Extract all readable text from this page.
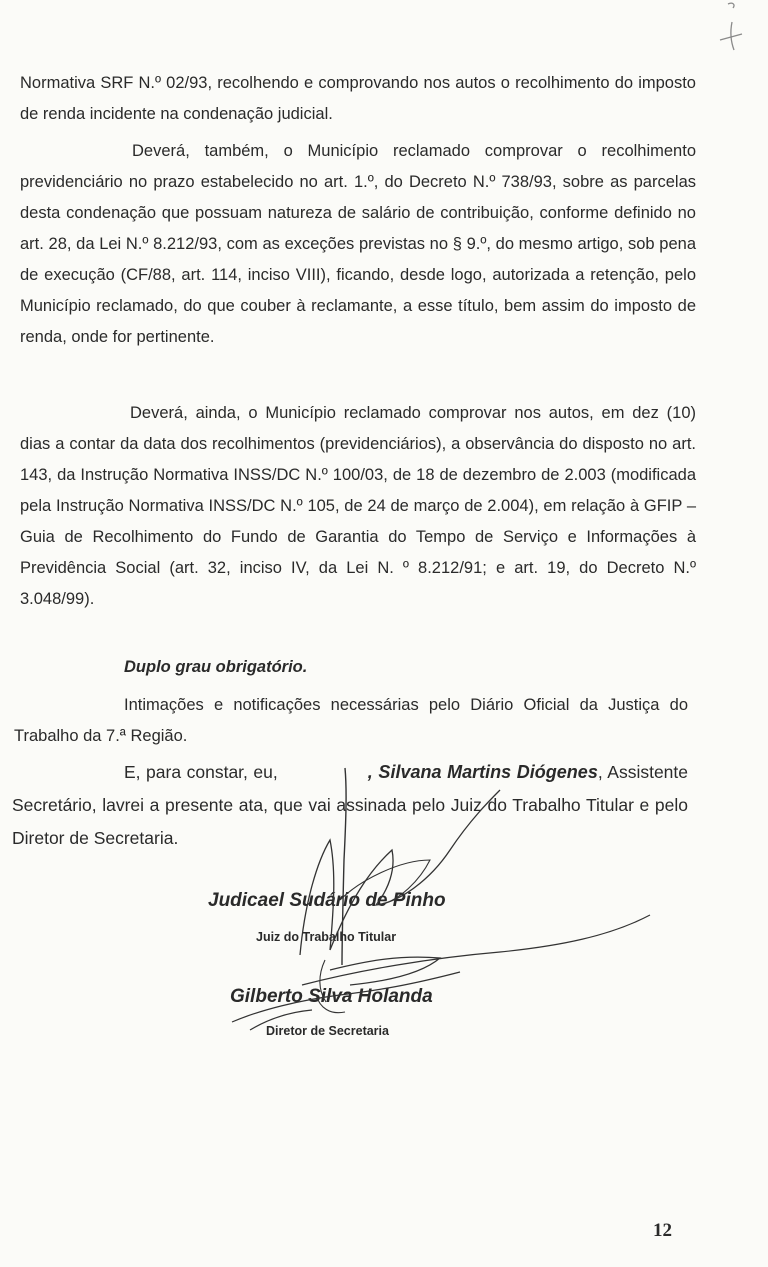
Normativa SRF N.º 02/93, recolhendo e comprovando nos autos o recolhimento do imposto de renda incidente na condenação judicial.
Deverá, também, o Município reclamado comprovar o recolhimento previdenciário no prazo estabelecido no art. 1.º, do Decreto N.º 738/93, sobre as parcelas desta condenação que possuam natureza de salário de contribuição, conforme definido no art. 28, da Lei N.º 8.212/93, com as exceções previstas no § 9.º, do mesmo artigo, sob pena de execução (CF/88, art. 114, inciso VIII), ficando, desde logo, autorizada a retenção, pelo Município reclamado, do que couber à reclamante, a esse título, bem assim do imposto de renda, onde for pertinente.
Deverá, ainda, o Município reclamado comprovar nos autos, em dez (10) dias a contar da data dos recolhimentos (previdenciários), a observância do disposto no art. 143, da Instrução Normativa INSS/DC N.º 100/03, de 18 de dezembro de 2.003 (modificada pela Instrução Normativa INSS/DC N.º 105, de 24 de março de 2.004), em relação à GFIP – Guia de Recolhimento do Fundo de Garantia do Tempo de Serviço e Informações à Previdência Social (art. 32, inciso IV, da Lei N. º 8.212/91; e art. 19, do Decreto N.º 3.048/99).
Duplo grau obrigatório.
Intimações e notificações necessárias pelo Diário Oficial da Justiça do Trabalho da 7.ª Região.
E, para constar, eu,	, Silvana Martins Diógenes, Assistente Secretário, lavrei a presente ata, que vai assinada pelo Juiz do Trabalho Titular e pelo Diretor de Secretaria.
Judicael Sudário de Pinho
Juiz do Trabalho Titular
Gilberto Silva Holanda
Diretor de Secretaria
12
